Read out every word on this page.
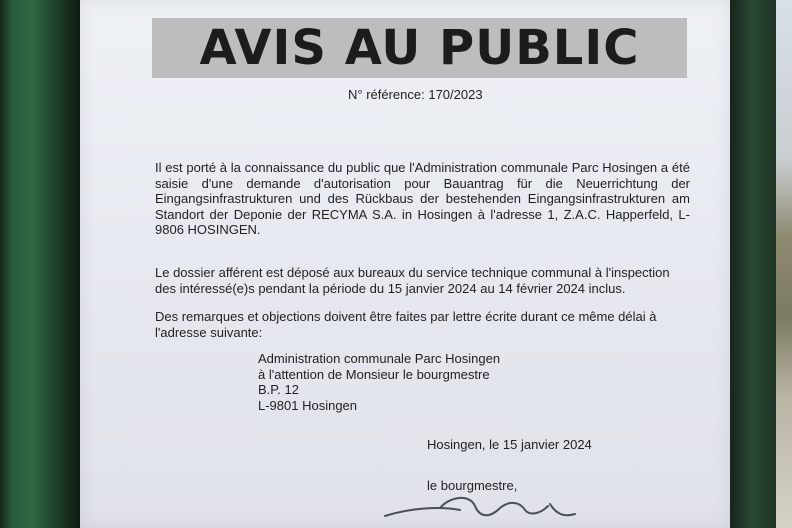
AVIS AU PUBLIC
N° référence: 170/2023
Il est porté à la connaissance du public que l'Administration communale Parc Hosingen a été saisie d'une demande d'autorisation pour Bauantrag für die Neuerrichtung der Eingangsinfrastrukturen und des Rückbaus der bestehenden Eingangsinfrastrukturen am Standort der Deponie der RECYMA S.A. in Hosingen à l'adresse 1, Z.A.C. Happerfeld, L-9806 HOSINGEN.
Le dossier afférent est déposé aux bureaux du service technique communal à l'inspection des intéressé(e)s pendant la période du 15 janvier 2024 au 14 février 2024 inclus.
Des remarques et objections doivent être faites par lettre écrite durant ce même délai à l'adresse suivante:
Administration communale Parc Hosingen
à l'attention de Monsieur le bourgmestre
B.P. 12
L-9801 Hosingen
Hosingen, le 15 janvier 2024
le bourgmestre,
